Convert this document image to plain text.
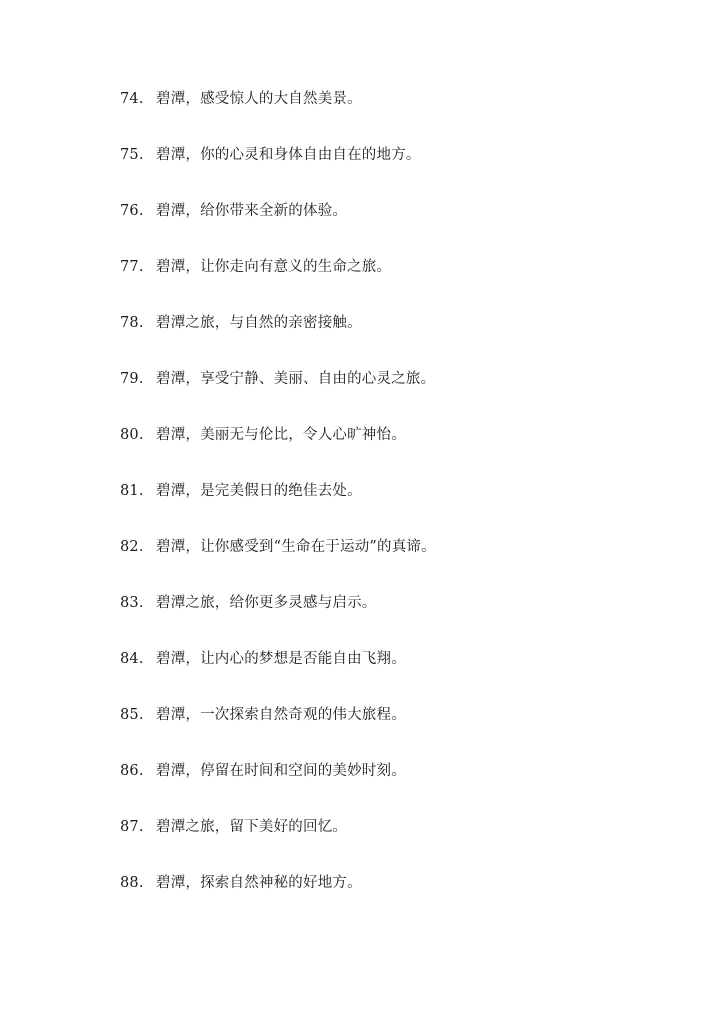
74. 碧潭，感受惊人的大自然美景。
75. 碧潭，你的心灵和身体自由自在的地方。
76. 碧潭，给你带来全新的体验。
77. 碧潭，让你走向有意义的生命之旅。
78. 碧潭之旅，与自然的亲密接触。
79. 碧潭，享受宁静、美丽、自由的心灵之旅。
80. 碧潭，美丽无与伦比，令人心旷神怡。
81. 碧潭，是完美假日的绝佳去处。
82. 碧潭，让你感受到“生命在于运动”的真谛。
83. 碧潭之旅，给你更多灵感与启示。
84. 碧潭，让内心的梦想是否能自由飞翔。
85. 碧潭，一次探索自然奇观的伟大旅程。
86. 碧潭，停留在时间和空间的美妙时刻。
87. 碧潭之旅，留下美好的回忆。
88. 碧潭，探索自然神秘的好地方。
